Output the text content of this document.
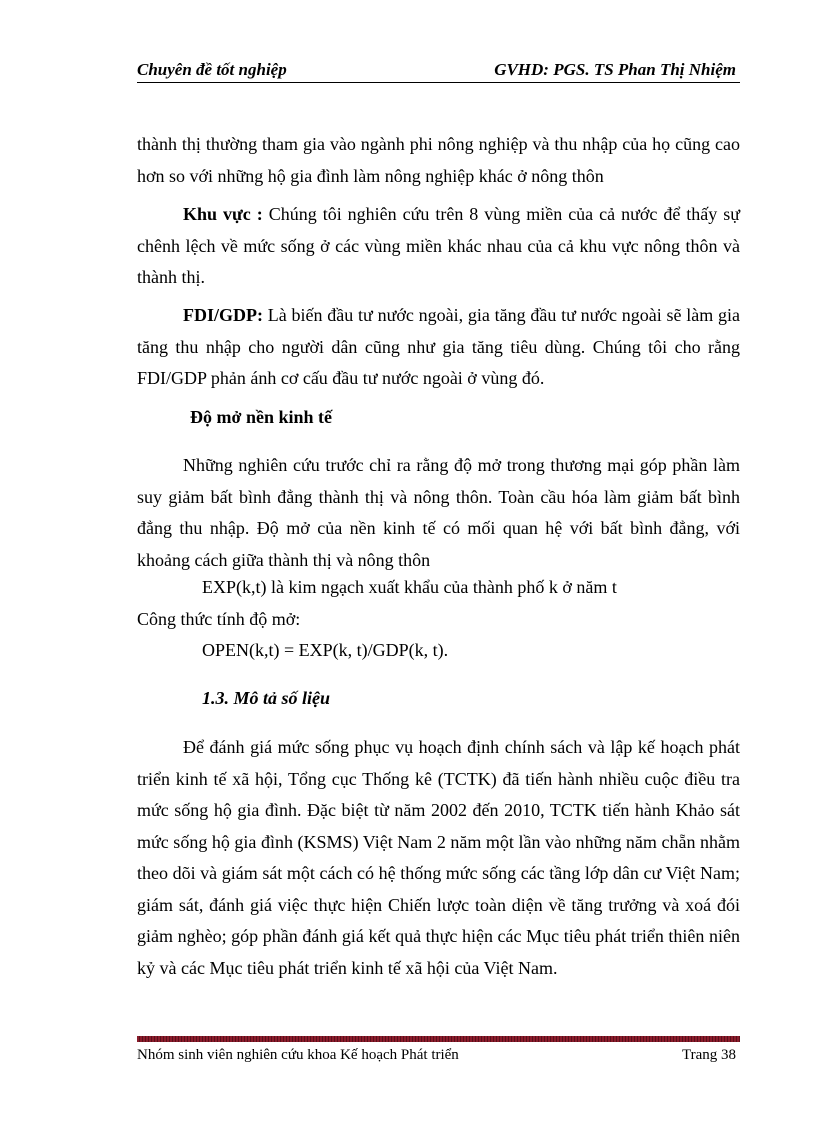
Chuyên đề tốt nghiệp	GVHD: PGS. TS Phan Thị Nhiệm
thành thị thường tham gia vào ngành phi nông nghiệp và thu nhập của họ cũng cao hơn so với những hộ gia đình làm nông nghiệp khác ở nông thôn
Khu vực : Chúng tôi nghiên cứu trên 8 vùng miền của cả nước để thấy sự chênh lệch về mức sống ở các vùng miền khác nhau của cả khu vực nông thôn và thành thị.
FDI/GDP: Là biến đầu tư nước ngoài, gia tăng đầu tư nước ngoài sẽ làm gia tăng thu nhập cho người dân cũng như gia tăng tiêu dùng. Chúng tôi cho rằng FDI/GDP phản ánh cơ cấu đầu tư nước ngoài ở vùng đó.
Độ mở nền kinh tế
Những nghiên cứu trước chỉ ra rằng độ mở trong thương mại góp phần làm suy giảm bất bình đẳng thành thị và nông thôn. Toàn cầu hóa làm giảm bất bình đẳng thu nhập. Độ mở của nền kinh tế có mối quan hệ với bất bình đẳng, với khoảng cách giữa thành thị và nông thôn
EXP(k,t) là kim ngạch xuất khẩu của thành phố k ở năm t
Công thức tính độ mở:
OPEN(k,t) = EXP(k, t)/GDP(k, t).
1.3. Mô tả số liệu
Để đánh giá mức sống phục vụ hoạch định chính sách và lập kế hoạch phát triển kinh tế xã hội, Tổng cục Thống kê (TCTK) đã tiến hành nhiều cuộc điều tra mức sống hộ gia đình. Đặc biệt từ năm 2002 đến 2010, TCTK tiến hành Khảo sát mức sống hộ gia đình (KSMS) Việt Nam 2 năm một lần vào những năm chẵn nhằm theo dõi và giám sát một cách có hệ thống mức sống các tầng lớp dân cư Việt Nam; giám sát, đánh giá việc thực hiện Chiến lược toàn diện về tăng trưởng và xoá đói giảm nghèo; góp phần đánh giá kết quả thực hiện các Mục tiêu phát triển thiên niên kỷ và các Mục tiêu phát triển kinh tế xã hội của Việt Nam.
Nhóm sinh viên nghiên cứu khoa Kế hoạch Phát triển	Trang 38
